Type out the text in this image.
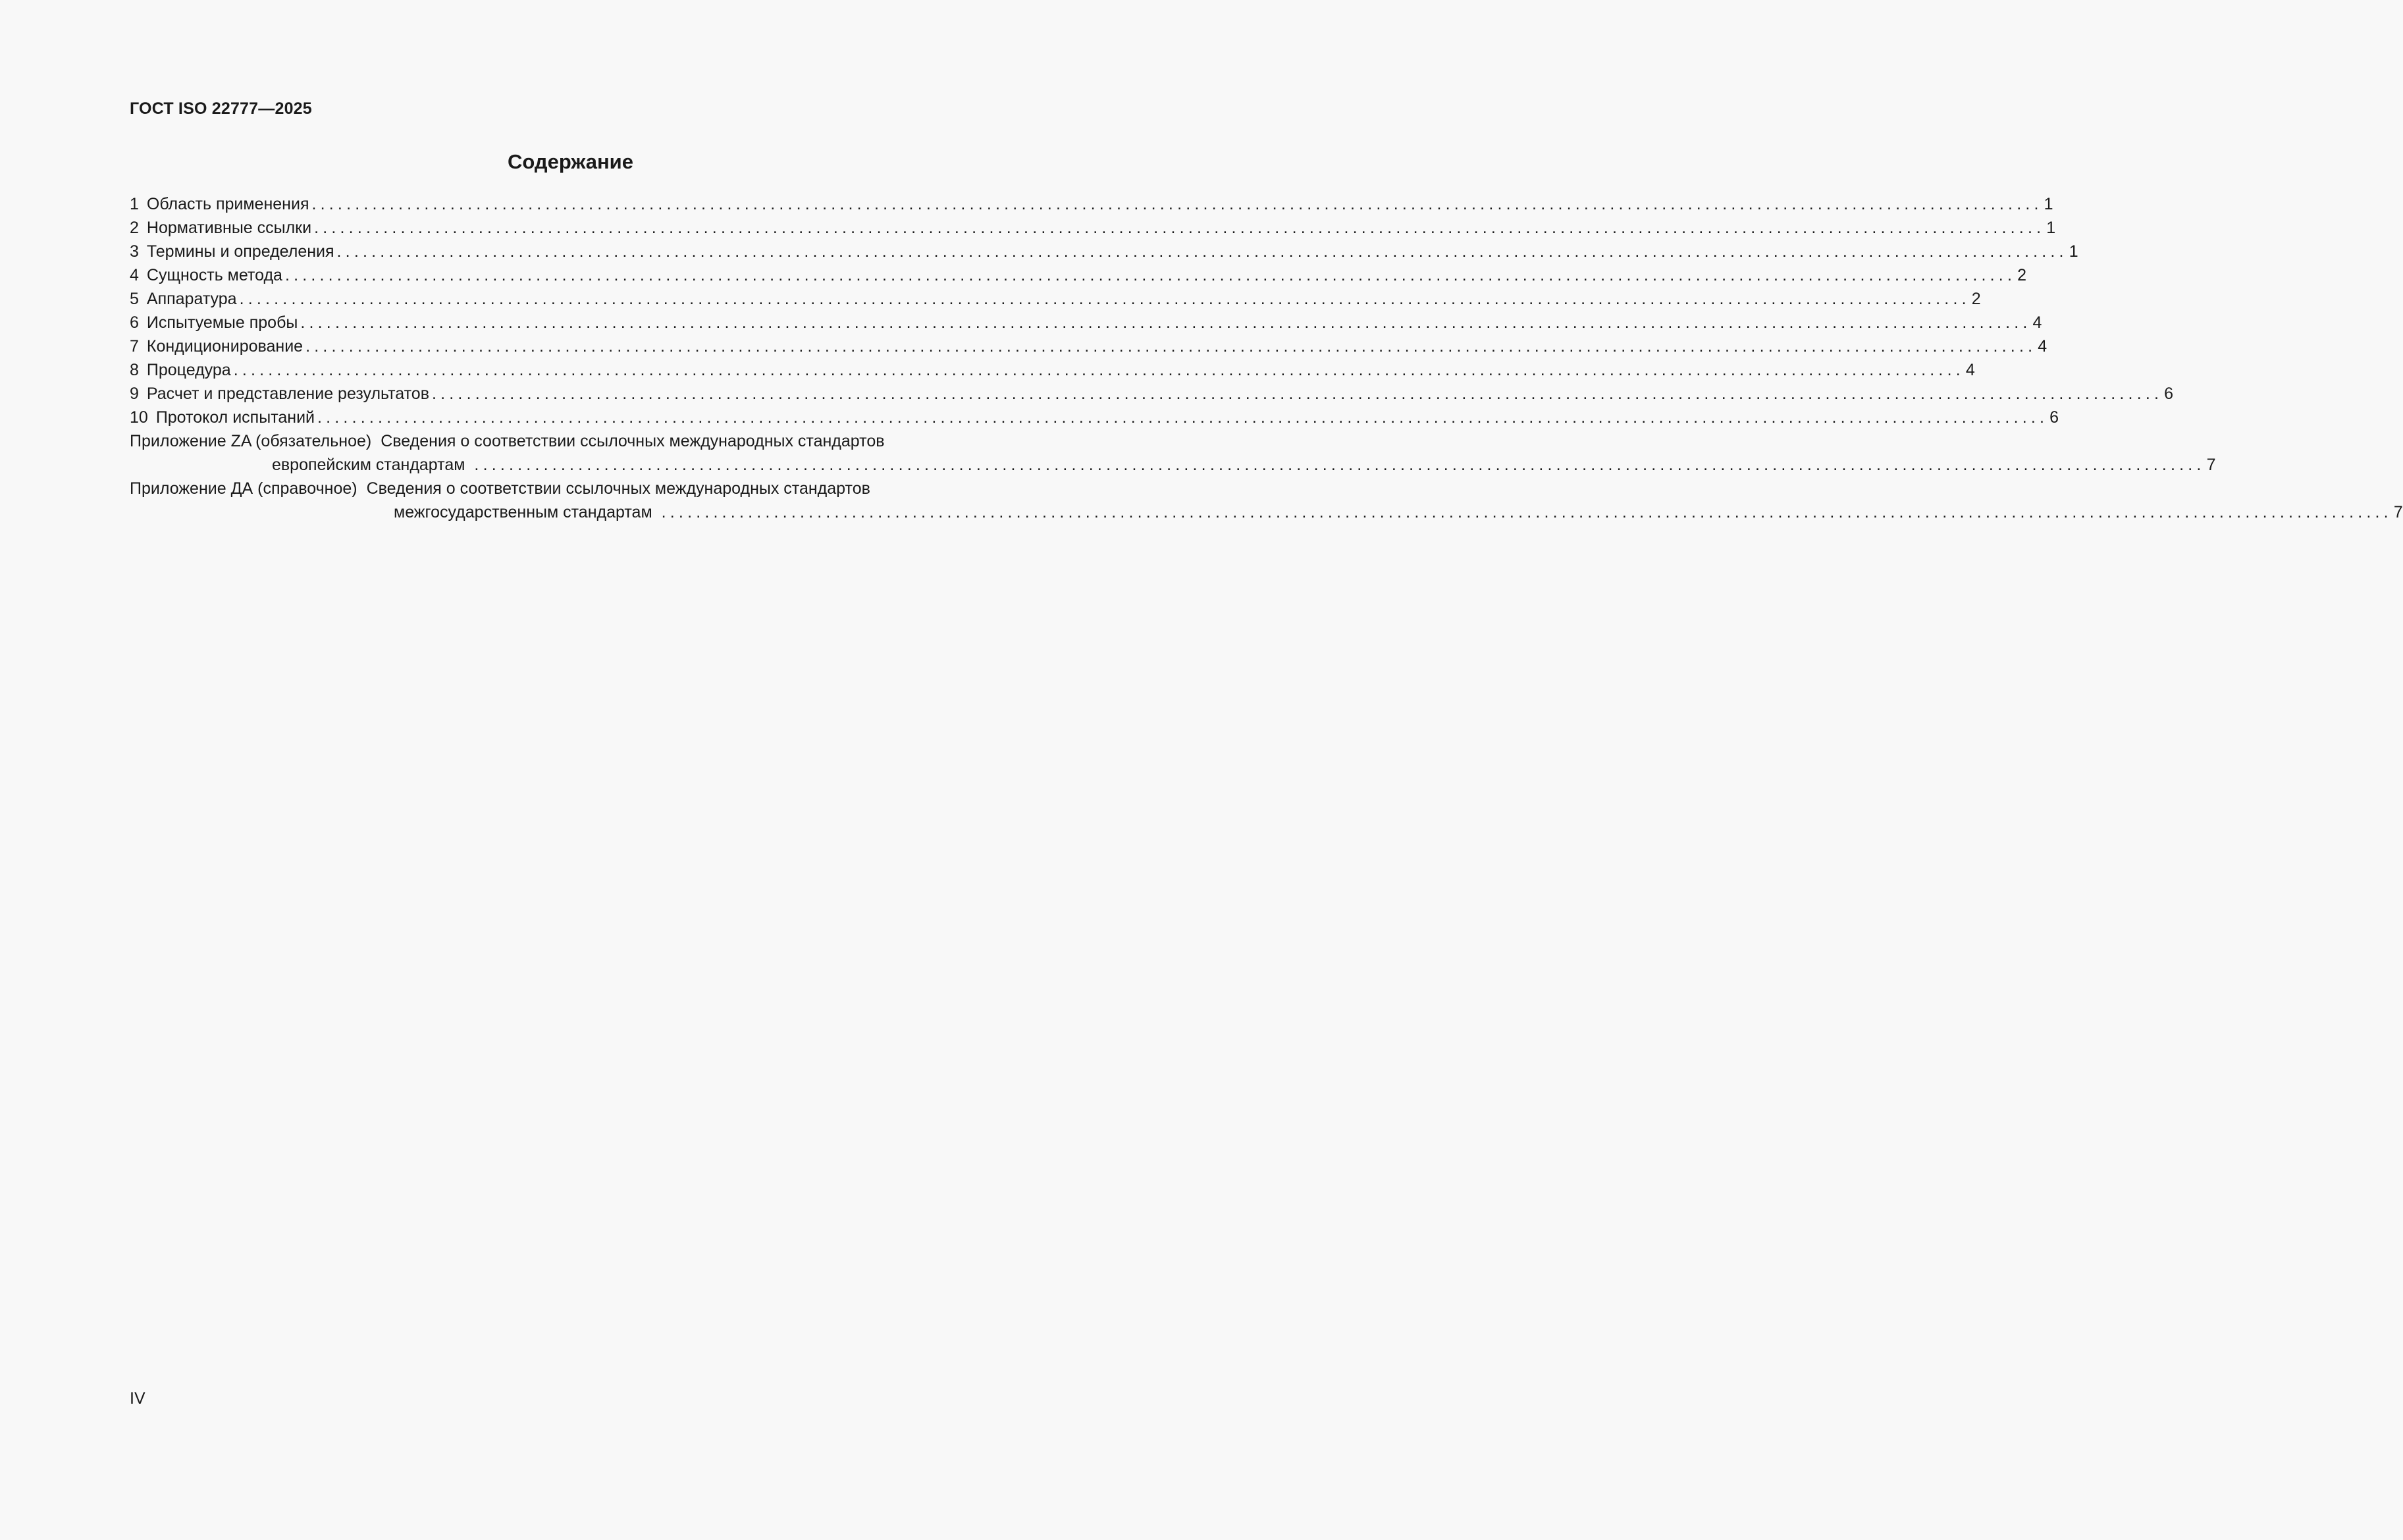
ГОСТ ISO 22777—2025
Содержание
1 Область применения ........................................................................................................................................................................................................ 1
2 Нормативные ссылки ........................................................................................................................................................................................................ 1
3 Термины и определения ........................................................................................................................................................................................................ 1
4 Сущность метода ........................................................................................................................................................................................................ 2
5 Аппаратура ........................................................................................................................................................................................................ 2
6 Испытуемые пробы ........................................................................................................................................................................................................ 4
7 Кондиционирование ........................................................................................................................................................................................................ 4
8 Процедура ........................................................................................................................................................................................................ 4
9 Расчет и представление результатов ........................................................................................................................................................................................................ 6
10 Протокол испытаний ........................................................................................................................................................................................................ 6
Приложение ZA (обязательное) Сведения о соответствии ссылочных международных стандартов
европейским стандартам ........................................................................................................................................................................................................ 7
Приложение ДА (справочное) Сведения о соответствии ссылочных международных стандартов
межгосударственным стандартам ........................................................................................................................................................................................................ 7
IV
